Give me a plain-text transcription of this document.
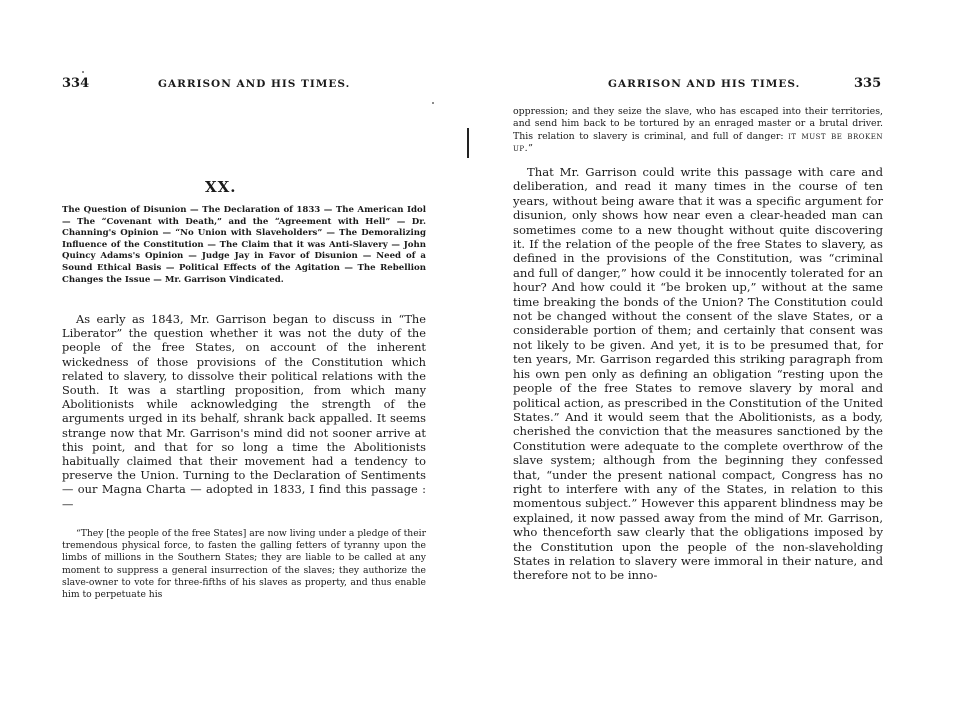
334	GARRISON AND HIS TIMES.
XX.
The Question of Disunion — The Declaration of 1833 — The American Idol — The “Covenant with Death,” and the “Agreement with Hell” — Dr. Channing's Opinion — “No Union with Slaveholders” — The Demoralizing Influence of the Constitution — The Claim that it was Anti-Slavery — John Quincy Adams's Opinion — Judge Jay in Favor of Disunion — Need of a Sound Ethical Basis — Political Effects of the Agitation — The Rebellion Changes the Issue — Mr. Garrison Vindicated.
As early as 1843, Mr. Garrison began to discuss in “The Liberator” the question whether it was not the duty of the people of the free States, on account of the inherent wickedness of those provisions of the Constitution which related to slavery, to dissolve their political relations with the South. It was a startling proposition, from which many Abolitionists while acknowledging the strength of the arguments urged in its behalf, shrank back appalled. It seems strange now that Mr. Garrison's mind did not sooner arrive at this point, and that for so long a time the Abolitionists habitually claimed that their movement had a tendency to preserve the Union. Turning to the Declaration of Sentiments — our Magna Charta — adopted in 1833, I find this passage : —
“They [the people of the free States] are now living under a pledge of their tremendous physical force, to fasten the galling fetters of tyranny upon the limbs of millions in the Southern States; they are liable to be called at any moment to suppress a general insurrection of the slaves; they authorize the slave-owner to vote for three-fifths of his slaves as property, and thus enable him to perpetuate his
GARRISON AND HIS TIMES.	335
oppression; and they seize the slave, who has escaped into their territories, and send him back to be tortured by an enraged master or a brutal driver. This relation to slavery is criminal, and full of danger: it must be broken up.”
That Mr. Garrison could write this passage with care and deliberation, and read it many times in the course of ten years, without being aware that it was a specific argument for disunion, only shows how near even a clear-headed man can sometimes come to a new thought without quite discovering it. If the relation of the people of the free States to slavery, as defined in the provisions of the Constitution, was “criminal and full of danger,” how could it be innocently tolerated for an hour? And how could it “be broken up,” without at the same time breaking the bonds of the Union? The Constitution could not be changed without the consent of the slave States, or a considerable portion of them; and certainly that consent was not likely to be given. And yet, it is to be presumed that, for ten years, Mr. Garrison regarded this striking paragraph from his own pen only as defining an obligation “resting upon the people of the free States to remove slavery by moral and political action, as prescribed in the Constitution of the United States.” And it would seem that the Abolitionists, as a body, cherished the conviction that the measures sanctioned by the Constitution were adequate to the complete overthrow of the slave system; although from the beginning they confessed that, “under the present national compact, Congress has no right to interfere with any of the States, in relation to this momentous subject.” However this apparent blindness may be explained, it now passed away from the mind of Mr. Garrison, who thenceforth saw clearly that the obligations imposed by the Constitution upon the people of the non-slaveholding States in relation to slavery were immoral in their nature, and therefore not to be inno-
